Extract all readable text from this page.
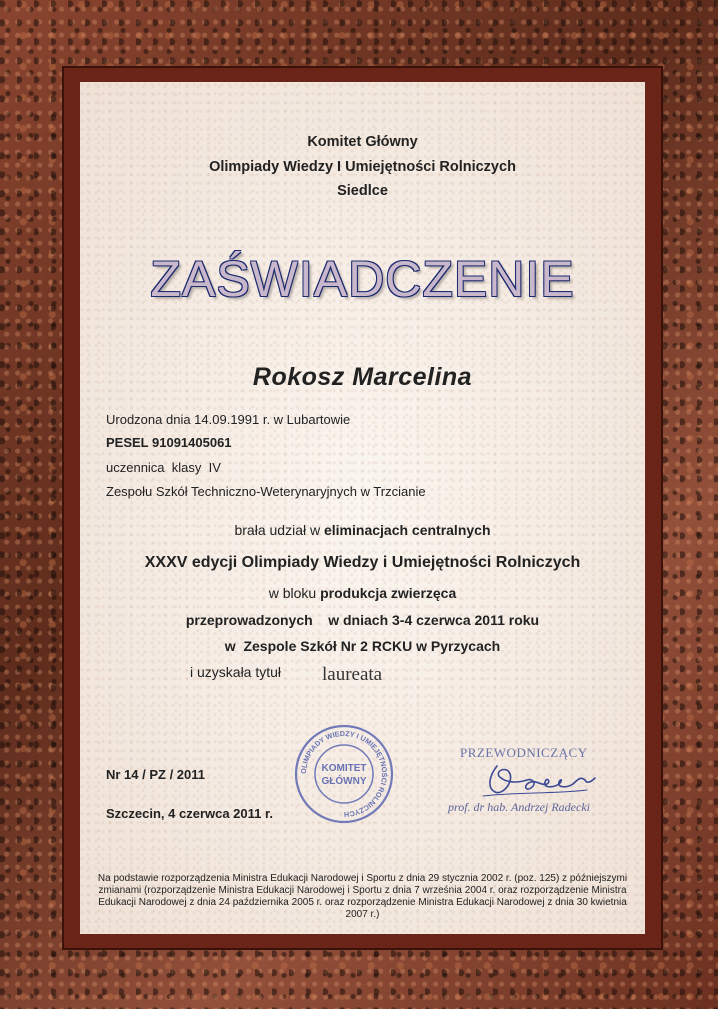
Komitet Główny
Olimpiady Wiedzy I Umiejętności Rolniczych
Siedlce
ZAŚWIADCZENIE
Rokosz Marcelina
Urodzona dnia 14.09.1991 r. w Lubartowie
PESEL 91091405061
uczennica  klasy  IV
Zespołu Szkół Techniczno-Weterynaryjnych w Trzcianie
brała udział w eliminacjach centralnych
XXXV edycji Olimpiady Wiedzy i Umiejętności Rolniczych
w bloku produkcja zwierzęca
przeprowadzonych    w dniach 3-4 czerwca 2011 roku
w  Zespole Szkół Nr 2 RCKU w Pyrzycach
i uzyskała tytuł laureata
Nr 14 / PZ / 2011
Szczecin, 4 czerwca 2011 r.
OLIMPIADY WIEDZY I UMIEJĘTNOŚCI ROLNICZYCH
KOMITET
GŁÓWNY
PRZEWODNICZĄCY
prof. dr hab. Andrzej Radecki
Na podstawie rozporządzenia Ministra Edukacji Narodowej i Sportu z dnia 29 stycznia 2002 r. (poz. 125) z późniejszymi
zmianami (rozporządzenie Ministra Edukacji Narodowej i Sportu z dnia 7 września 2004 r. oraz rozporządzenie Ministra
Edukacji Narodowej z dnia 24 października 2005 r. oraz rozporządzenie Ministra Edukacji Narodowej z dnia 30 kwietnia 2007 r.)
